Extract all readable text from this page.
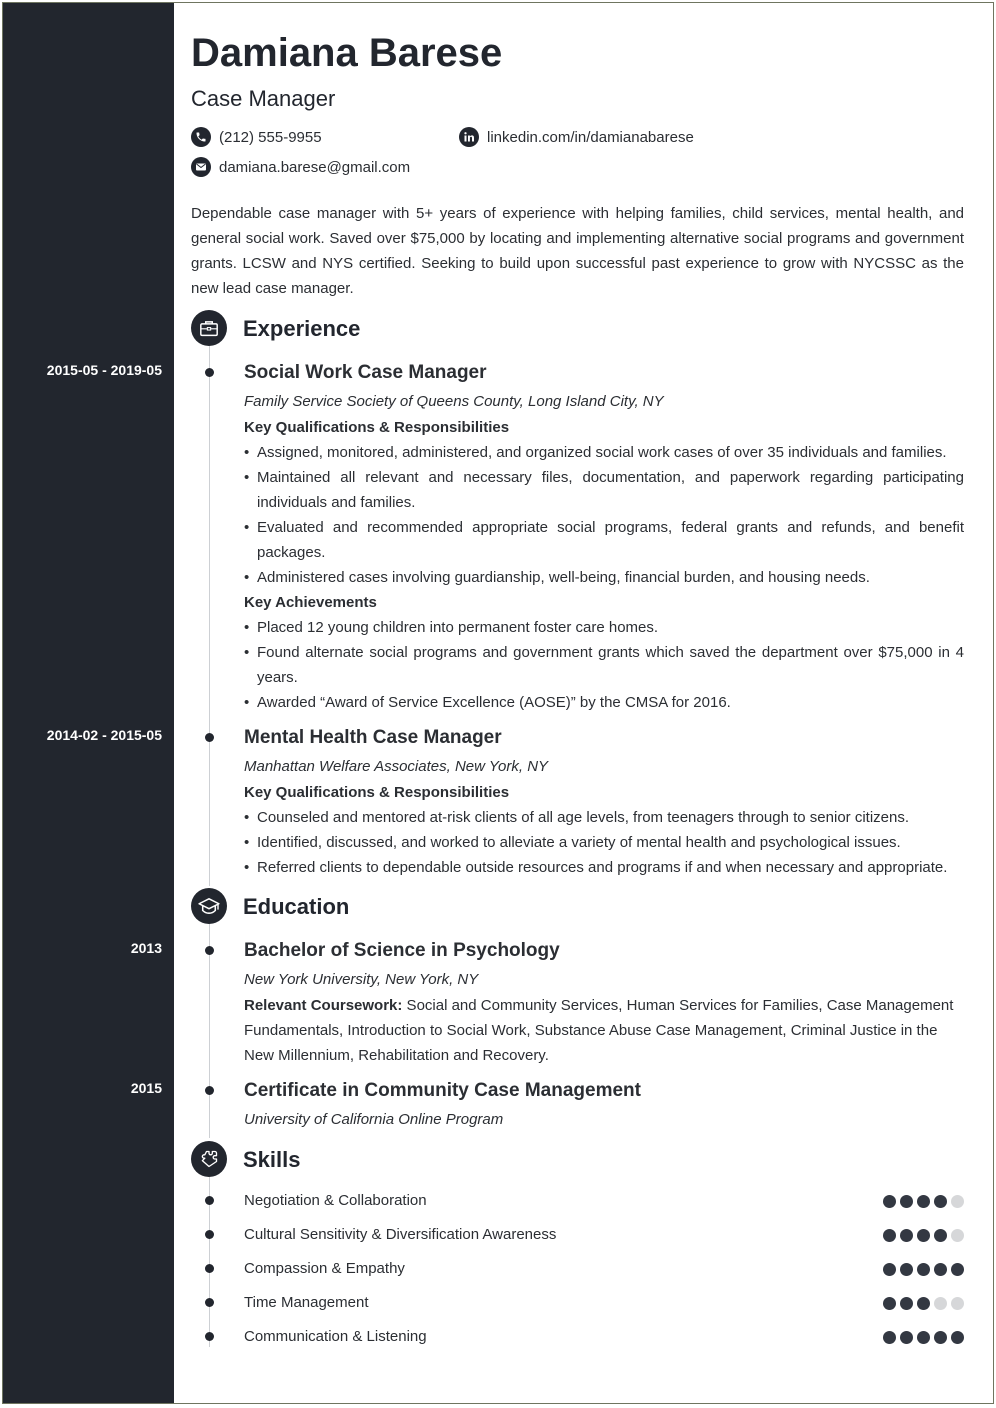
2015-05 - 2019-05
2014-02 - 2015-05
2013
2015
Damiana Barese
Case Manager
(212) 555-9955	linkedin.com/in/damianabarese
damiana.barese@gmail.com

Dependable case manager with 5+ years of experience with helping families, child services, mental health, and general social work. Saved over $75,000 by locating and implementing alternative social programs and government grants. LCSW and NYS certified. Seeking to build upon successful past experience to grow with NYCSSC as the new lead case manager.

Experience
Social Work Case Manager
Family Service Society of Queens County, Long Island City, NY
Key Qualifications & Responsibilities
• Assigned, monitored, administered, and organized social work cases of over 35 individuals and families.
• Maintained all relevant and necessary files, documentation, and paperwork regarding participating individuals and families.
• Evaluated and recommended appropriate social programs, federal grants and refunds, and benefit packages.
• Administered cases involving guardianship, well-being, financial burden, and housing needs.
Key Achievements
• Placed 12 young children into permanent foster care homes.
• Found alternate social programs and government grants which saved the department over $75,000 in 4 years.
• Awarded “Award of Service Excellence (AOSE)” by the CMSA for 2016.
Mental Health Case Manager
Manhattan Welfare Associates, New York, NY
Key Qualifications & Responsibilities
• Counseled and mentored at-risk clients of all age levels, from teenagers through to senior citizens.
• Identified, discussed, and worked to alleviate a variety of mental health and psychological issues.
• Referred clients to dependable outside resources and programs if and when necessary and appropriate.
Education
Bachelor of Science in Psychology
New York University, New York, NY
Relevant Coursework: Social and Community Services, Human Services for Families, Case Management Fundamentals, Introduction to Social Work, Substance Abuse Case Management, Criminal Justice in the New Millennium, Rehabilitation and Recovery.
Certificate in Community Case Management
University of California Online Program
Skills
Negotiation & Collaboration
Cultural Sensitivity & Diversification Awareness
Compassion & Empathy
Time Management
Communication & Listening
